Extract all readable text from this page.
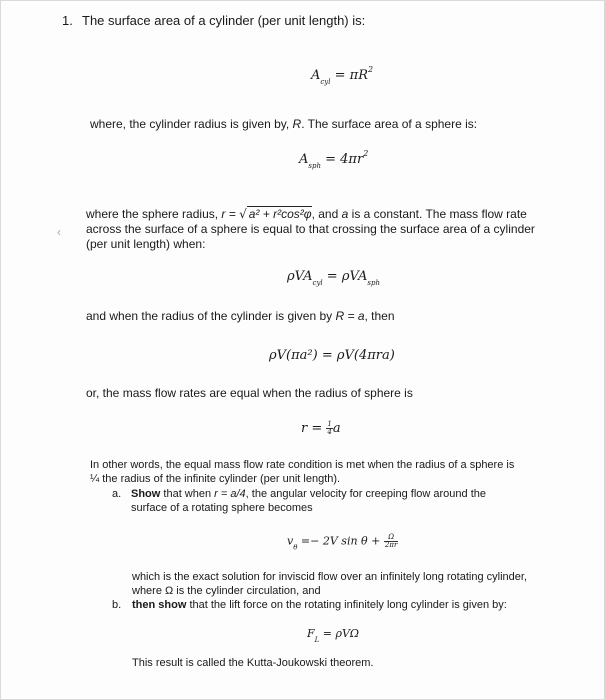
1. The surface area of a cylinder (per unit length) is:
$A_{cyl} = \pi R^2$
where, the cylinder radius is given by, R. The surface area of a sphere is:
$A_{sph} = 4\pi r^2$
where the sphere radius, r = √ a² + r²cos²φ, and a is a constant. The mass flow rate
across the surface of a sphere is equal to that crossing the surface area of a cylinder
‹
(per unit length) when:
ρVA$_{cyl}$ = ρVA$_{sph}$
and when the radius of the cylinder is given by R = a, then
ρV(πa²) = ρV(4πra)
or, the mass flow rates are equal when the radius of sphere is
$r = \frac{1}{4}$ a
In other words, the equal mass flow rate condition is met when the radius of a sphere is
¼ the radius of the infinite cylinder (per unit length).
a. Show that when r = a/4, the angular velocity for creeping flow around the
surface of a rotating sphere becomes
$v_\theta =- 2V$ $\sin \theta + \frac{\Omega}{2\pi r}$
which is the exact solution for inviscid flow over an infinitely long rotating cylinder,
where Ω is the cylinder circulation, and
b. then show that the lift force on the rotating infinitely long cylinder is given by:
$F_L = \rho V\Omega$
This result is called the Kutta-Joukowski theorem.
